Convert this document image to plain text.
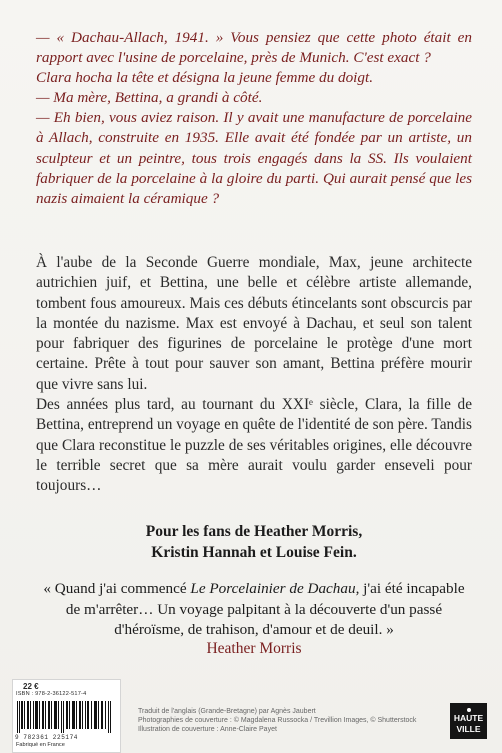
— « Dachau-Allach, 1941. » Vous pensiez que cette photo était en rapport avec l'usine de porcelaine, près de Munich. C'est exact ?

Clara hocha la tête et désigna la jeune femme du doigt.

— Ma mère, Bettina, a grandi à côté.

— Eh bien, vous aviez raison. Il y avait une manufacture de porcelaine à Allach, construite en 1935. Elle avait été fondée par un artiste, un sculpteur et un peintre, tous trois engagés dans la SS. Ils voulaient fabriquer de la porcelaine à la gloire du parti. Qui aurait pensé que les nazis aimaient la céramique ?

À l'aube de la Seconde Guerre mondiale, Max, jeune architecte autrichien juif, et Bettina, une belle et célèbre artiste allemande, tombent fous amoureux. Mais ces débuts étincelants sont obscurcis par la montée du nazisme. Max est envoyé à Dachau, et seul son talent pour fabriquer des figurines de porcelaine le protège d'une mort certaine. Prête à tout pour sauver son amant, Bettina préfère mourir que vivre sans lui.

Des années plus tard, au tournant du XXIᵉ siècle, Clara, la fille de Bettina, entreprend un voyage en quête de l'identité de son père. Tandis que Clara reconstitue le puzzle de ses véritables origines, elle découvre le terrible secret que sa mère aurait voulu garder enseveli pour toujours…

Pour les fans de Heather Morris,
Kristin Hannah et Louise Fein.
« Quand j'ai commencé Le Porcelainier de Dachau, j'ai été incapable de m'arrêter… Un voyage palpitant à la découverte d'un passé d'héroïsme, de trahison, d'amour et de deuil. »
Heather Morris
22 €
ISBN : 978-2-36122-517-4
9 782361 225174
Fabriqué en France
Traduit de l'anglais (Grande-Bretagne) par Agnès Jaubert
Photographies de couverture : © Magdalena Russocka / Trevillion Images, © Shutterstock
Illustration de couverture : Anne-Claire Payet
HAUTE
VILLE
